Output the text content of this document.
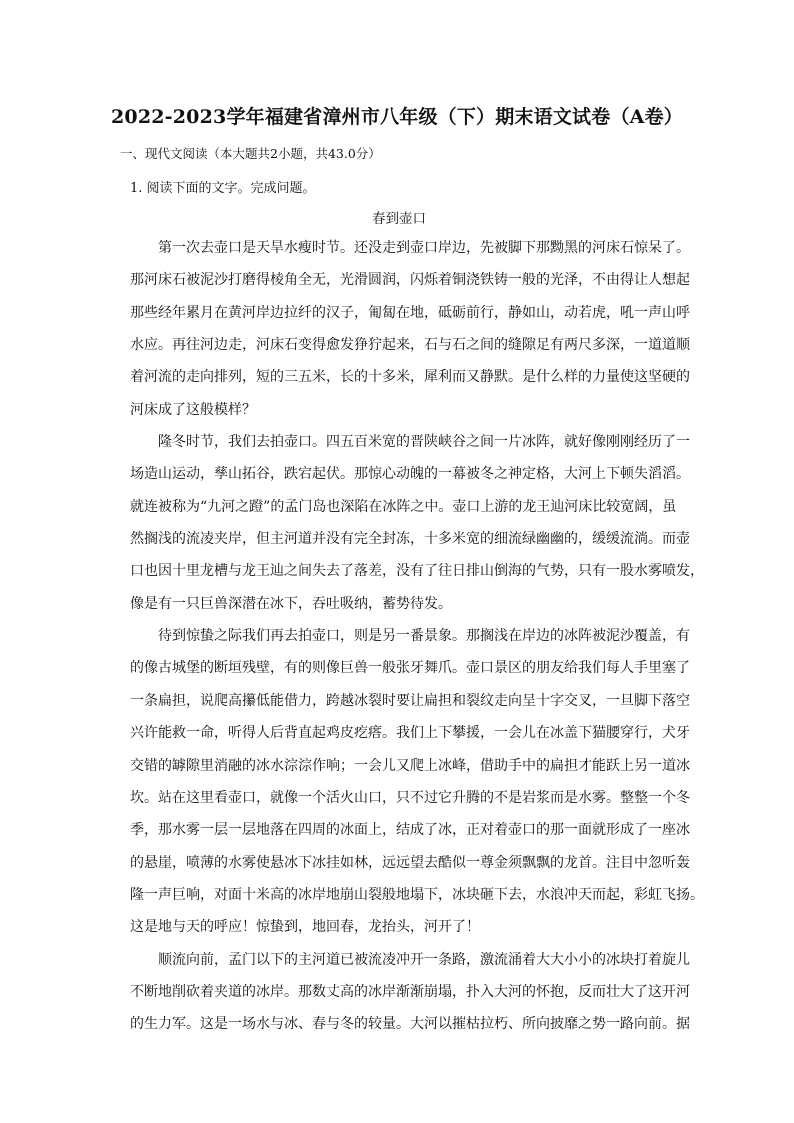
2022-2023学年福建省漳州市八年级（下）期末语文试卷（A卷）
一、现代文阅读（本大题共2小题，共43.0分）
1. 阅读下面的文字。完成问题。
春到壶口
第一次去壶口是天旱水瘦时节。还没走到壶口岸边，先被脚下那黝黑的河床石惊呆了。
那河床石被泥沙打磨得棱角全无，光滑圆润，闪烁着铜浇铁铸一般的光泽，不由得让人想起
那些经年累月在黄河岸边拉纤的汉子，匍匐在地，砥砺前行，静如山，动若虎，吼一声山呼
水应。再往河边走，河床石变得愈发狰狞起来，石与石之间的缝隙足有两尺多深，一道道顺
着河流的走向排列，短的三五米，长的十多米，犀利而又静默。是什么样的力量使这坚硬的
河床成了这般模样？
隆冬时节，我们去拍壶口。四五百米宽的晋陕峡谷之间一片冰阵，就好像刚刚经历了一
场造山运动，孳山拓谷，跌宕起伏。那惊心动魄的一幕被冬之神定格，大河上下顿失滔滔。
就连被称为“九河之蹬”的孟门岛也深陷在冰阵之中。壶口上游的龙王辿河床比较宽阔，虽
然搁浅的流凌夹岸，但主河道并没有完全封冻，十多米宽的细流绿幽幽的，缓缓流淌。而壶
口也因十里龙槽与龙王辿之间失去了落差，没有了往日排山倒海的气势，只有一股水雾喷发，
像是有一只巨兽深潜在冰下，吞吐吸纳，蓄势待发。
待到惊蛰之际我们再去拍壶口，则是另一番景象。那搁浅在岸边的冰阵被泥沙覆盖，有
的像古城堡的断垣残壁，有的则像巨兽一般张牙舞爪。壶口景区的朋友给我们每人手里塞了
一条扁担，说爬高攥低能借力，跨越冰裂时要让扁担和裂纹走向呈十字交叉，一旦脚下落空
兴许能救一命，听得人后背直起鸡皮疙瘩。我们上下攀援，一会儿在冰盖下猫腰穿行，犬牙
交错的罅隙里消融的冰水淙淙作响；一会儿又爬上冰峰，借助手中的扁担才能跃上另一道冰
坎。站在这里看壶口，就像一个活火山口，只不过它升腾的不是岩浆而是水雾。整整一个冬
季，那水雾一层一层地落在四周的冰面上，结成了冰，正对着壶口的那一面就形成了一座冰
的悬崖，喷薄的水雾使悬冰下冰挂如林，远远望去酷似一尊金须飘飘的龙首。注目中忽听轰
隆一声巨响，对面十米高的冰岸地崩山裂般地塌下，冰块砸下去，水浪冲天而起，彩虹飞扬。
这是地与天的呼应！惊蛰到，地回春，龙抬头，河开了！
顺流向前，孟门以下的主河道已被流凌冲开一条路，激流涌着大大小小的冰块打着旋儿
不断地削砍着夹道的冰岸。那数丈高的冰岸渐渐崩塌，扑入大河的怀抱，反而壮大了这开河
的生力军。这是一场水与冰、春与冬的较量。大河以摧枯拉朽、所向披靡之势一路向前。据
